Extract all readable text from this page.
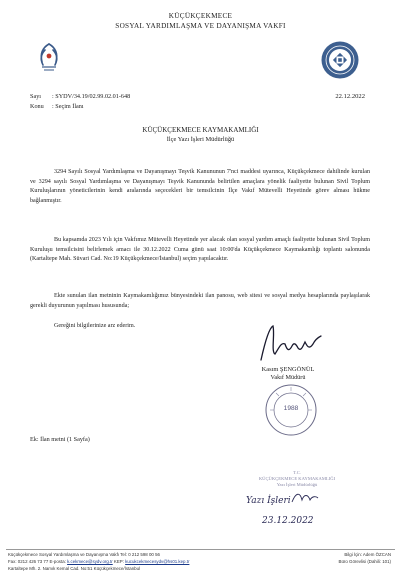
KÜÇÜKÇEKMECE
SOSYAL YARDIMLAŞMA VE DAYANIŞMA VAKFI
Sayı : SYDV/34.19/02.99.02.01-648
Konu : Seçim İlanı
22.12.2022
KÜÇÜKÇEKMECE KAYMAKAMLIĞI
İlçe Yazı İşleri Müdürlüğü
3294 Sayılı Sosyal Yardımlaşma ve Dayanışmayı Teşvik Kanununun 7'nci maddesi uyarınca, Küçükçekmece dahilinde kurulan ve 3294 sayılı Sosyal Yardımlaşma ve Dayanışmayı Teşvik Kanununda belirtilen amaçlara yönelik faaliyette bulunan Sivil Toplum Kuruluşlarının yöneticilerinin kendi aralarında seçecekleri bir temsilcinin İlçe Vakıf Mütevelli Heyetinde görev alması hükme bağlanmıştır.
Bu kapsamda 2023 Yılı için Vakfımız Mütevelli Heyetinde yer alacak olan sosyal yardım amaçlı faaliyette bulunan Sivil Toplum Kuruluşu temsilcisini belirlemek amacı ile 30.12.2022 Cuma günü saat 10:00'da Küçükçekmece Kaymakamlığı toplantı salonunda (Kartaltepe Mah. Süvari Cad. No:19 Küçükçekmece/İstanbul) seçim yapılacaktır.
Ekte sunulan ilan metninin Kaymakamlığımız bünyesindeki ilan panosu, web sitesi ve sosyal medya hesaplarında paylaşılarak gerekli duyurunun yapılması hususunda;
Gereğini bilgilerinize arz ederim.
Kasım ŞENGÖNÜL
Vakıf Müdürü
1988
Ek: İlan metni (1 Sayfa)
T.C.
KÜÇÜKÇEKMECE KAYMAKAMLIĞI
Yazı İşleri Müdürlüğü
Yazı İşleri
23.12.2022
Küçükçekmece Sosyal Yardımlaşma ve Dayanışma Vakfı Tel: 0 212 598 00 56
Fax: 0212 426 73 77 E-posta: k.cekmece@sydv.org.tr KEP: kucukcekmecesydv@hs01.kep.tr
Kartaltepe Mh. 2. Namık Kemal Cad. No:51 Küçükçekmece/İstanbul
Bilgi İçin: Adem ÖZCAN
Büro Görevlisi (Dahili: 101)
